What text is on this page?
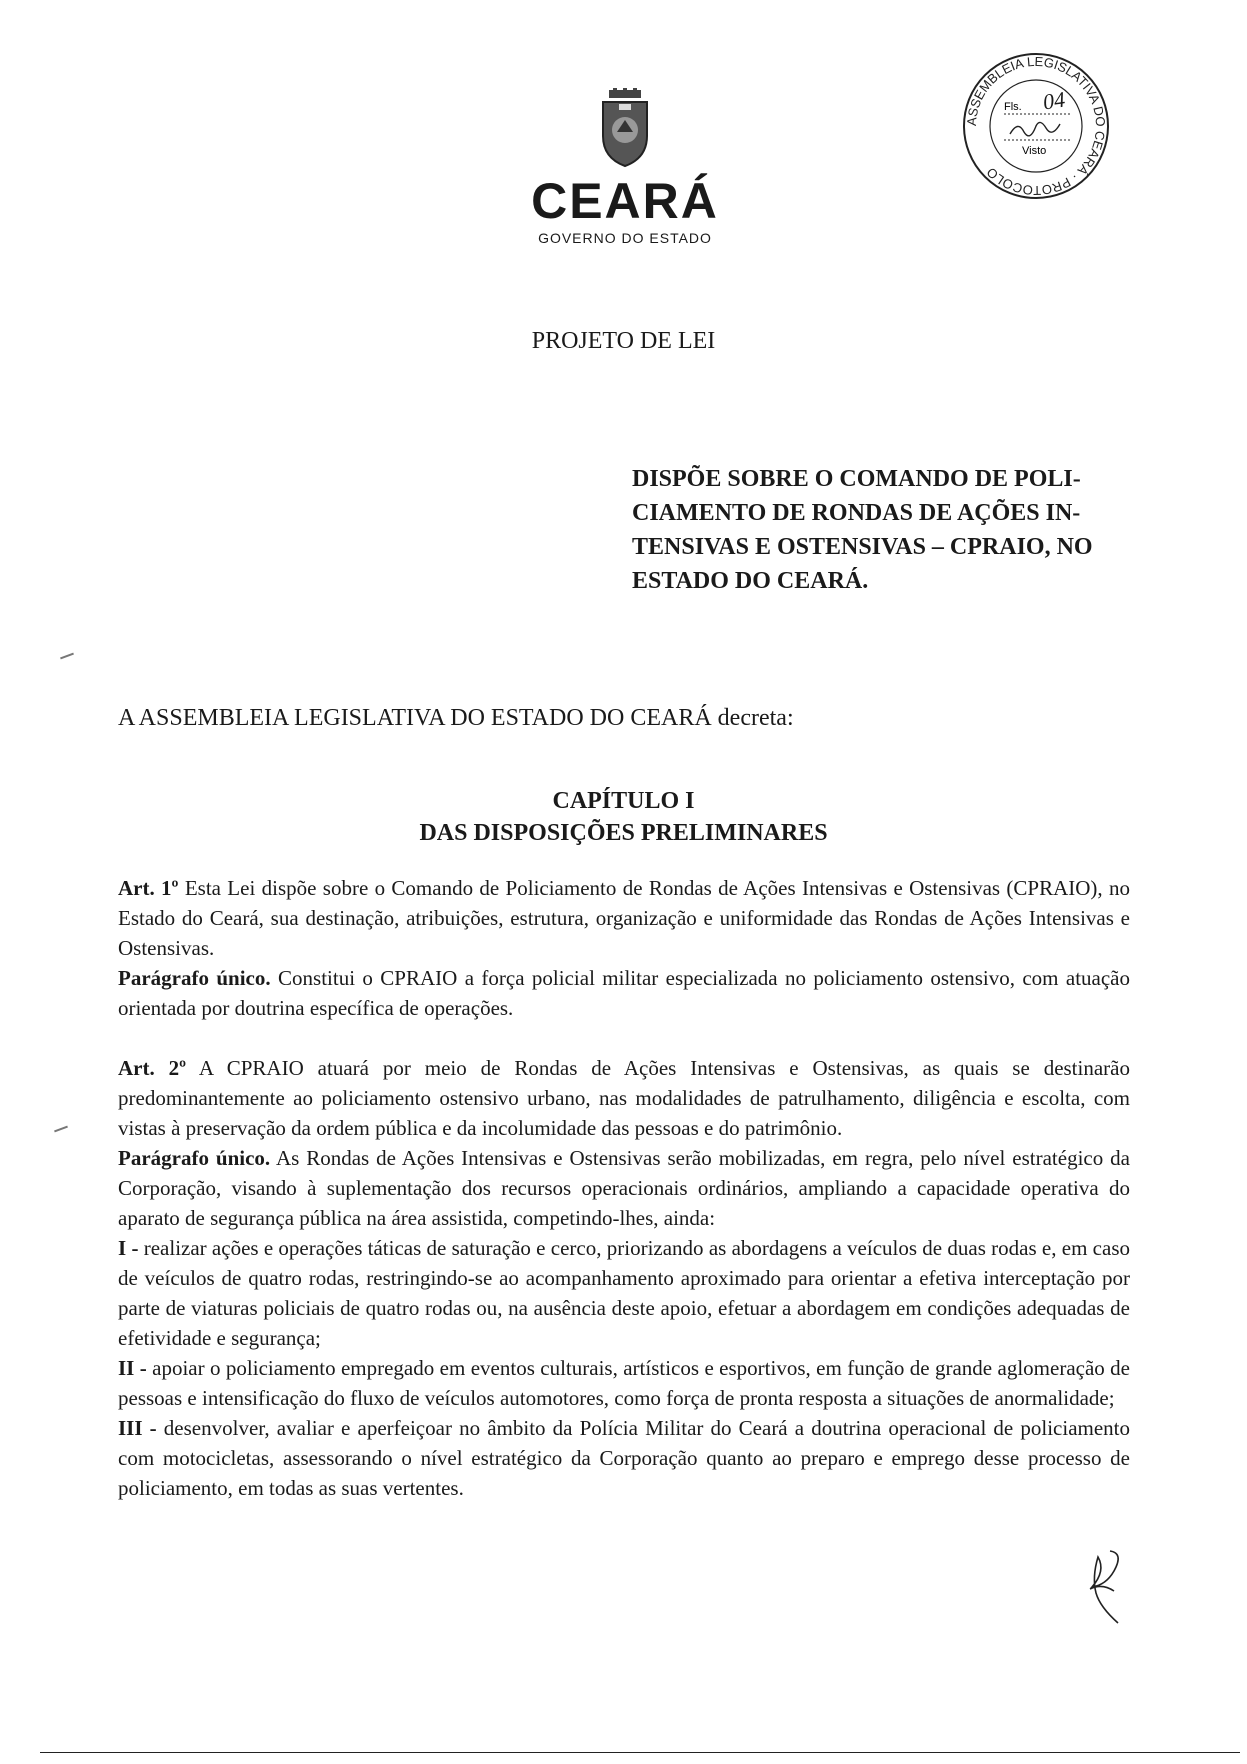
CEARÁ
GOVERNO DO ESTADO
ASSEMBLEIA LEGISLATIVA DO CEARÁ · PROTOCOLO
Fls.
Visto
04
PROJETO DE LEI
DISPÕE SOBRE O COMANDO DE POLI-CIAMENTO DE RONDAS DE AÇÕES IN-TENSIVAS E OSTENSIVAS – CPRAIO, NO ESTADO DO CEARÁ.
A ASSEMBLEIA LEGISLATIVA DO ESTADO DO CEARÁ decreta:
CAPÍTULO I
DAS DISPOSIÇÕES PRELIMINARES

Art. 1º Esta Lei dispõe sobre o Comando de Policiamento de Rondas de Ações Intensivas e Ostensivas (CPRAIO), no Estado do Ceará, sua destinação, atribuições, estrutura, organização e uniformidade das Rondas de Ações Intensivas e Ostensivas.

Parágrafo único. Constitui o CPRAIO a força policial militar especializada no policiamento ostensivo, com atuação orientada por doutrina específica de operações.

Art. 2º A CPRAIO atuará por meio de Rondas de Ações Intensivas e Ostensivas, as quais se destinarão predominantemente ao policiamento ostensivo urbano, nas modalidades de patrulhamento, diligência e escolta, com vistas à preservação da ordem pública e da incolumidade das pessoas e do patrimônio.

Parágrafo único. As Rondas de Ações Intensivas e Ostensivas serão mobilizadas, em regra, pelo nível estratégico da Corporação, visando à suplementação dos recursos operacionais ordinários, ampliando a capacidade operativa do aparato de segurança pública na área assistida, competindo-lhes, ainda:

I - realizar ações e operações táticas de saturação e cerco, priorizando as abordagens a veículos de duas rodas e, em caso de veículos de quatro rodas, restringindo-se ao acompanhamento aproximado para orientar a efetiva interceptação por parte de viaturas policiais de quatro rodas ou, na ausência deste apoio, efetuar a abordagem em condições adequadas de efetividade e segurança;

II - apoiar o policiamento empregado em eventos culturais, artísticos e esportivos, em função de grande aglomeração de pessoas e intensificação do fluxo de veículos automotores, como força de pronta resposta a situações de anormalidade;

III - desenvolver, avaliar e aperfeiçoar no âmbito da Polícia Militar do Ceará a doutrina operacional de policiamento com motocicletas, assessorando o nível estratégico da Corporação quanto ao preparo e emprego desse processo de policiamento, em todas as suas vertentes.
